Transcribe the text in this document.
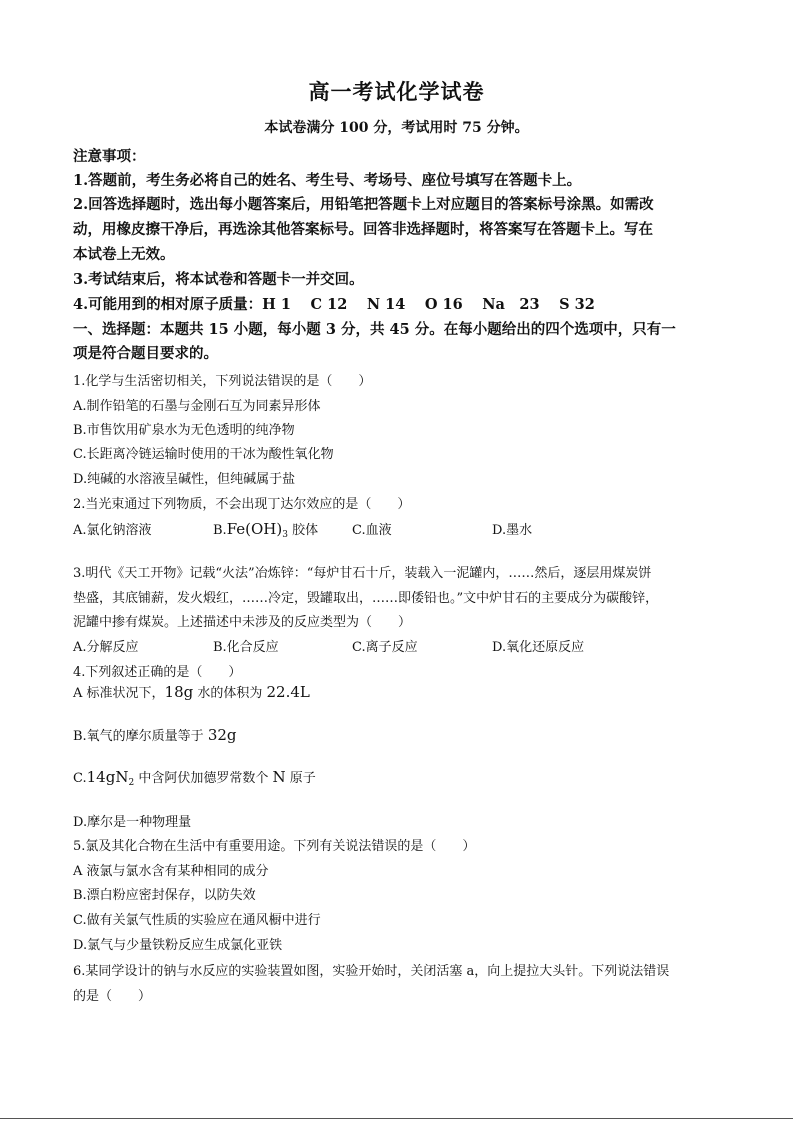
高一考试化学试卷
本试卷满分 100 分，考试用时 75 分钟。
注意事项：
1.答题前，考生务必将自己的姓名、考生号、考场号、座位号填写在答题卡上。
2.回答选择题时，选出每小题答案后，用铅笔把答题卡上对应题目的答案标号涂黑。如需改
动，用橡皮擦干净后，再选涂其他答案标号。回答非选择题时，将答案写在答题卡上。写在
本试卷上无效。
3.考试结束后，将本试卷和答题卡一并交回。
4.可能用到的相对原子质量：H 1　 C 12　 N 14　 O 16　 Na　23　 S 32
一、选择题：本题共 15 小题，每小题 3 分，共 45 分。在每小题给出的四个选项中，只有一
项是符合题目要求的。
1.化学与生活密切相关，下列说法错误的是（　　）
A.制作铅笔的石墨与金刚石互为同素异形体
B.市售饮用矿泉水为无色透明的纯净物
C.长距离冷链运输时使用的干冰为酸性氧化物
D.纯碱的水溶液呈碱性，但纯碱属于盐
2.当光束通过下列物质，不会出现丁达尔效应的是（　　）
A.氯化钠溶液	$B.Fe(OH)_3$ 胶体	C.血液	D.墨水
3.明代《天工开物》记载“火法”冶炼锌：“每炉甘石十斤，装载入一泥罐内，……然后，逐层用煤炭饼
垫盛，其底铺薪，发火煅红，……冷定，毁罐取出，……即倭铅也。”文中炉甘石的主要成分为碳酸锌，
泥罐中掺有煤炭。上述描述中未涉及的反应类型为（　　）
A.分解反应	B.化合反应	C.离子反应	D.氧化还原反应
4.下列叙述正确的是（　　）
A 标准状况下，18g 水的体积为 22.4L
B.氧气的摩尔质量等于 32g
$C.14gN_2$ 中含阿伏加德罗常数个 N 原子
D.摩尔是一种物理量
5.氯及其化合物在生活中有重要用途。下列有关说法错误的是（　　）
A 液氯与氯水含有某种相同的成分
B.漂白粉应密封保存，以防失效
C.做有关氯气性质的实验应在通风橱中进行
D.氯气与少量铁粉反应生成氯化亚铁
6.某同学设计的钠与水反应的实验装置如图，实验开始时，关闭活塞 a，向上提拉大头针。下列说法错误
的是（　　）
